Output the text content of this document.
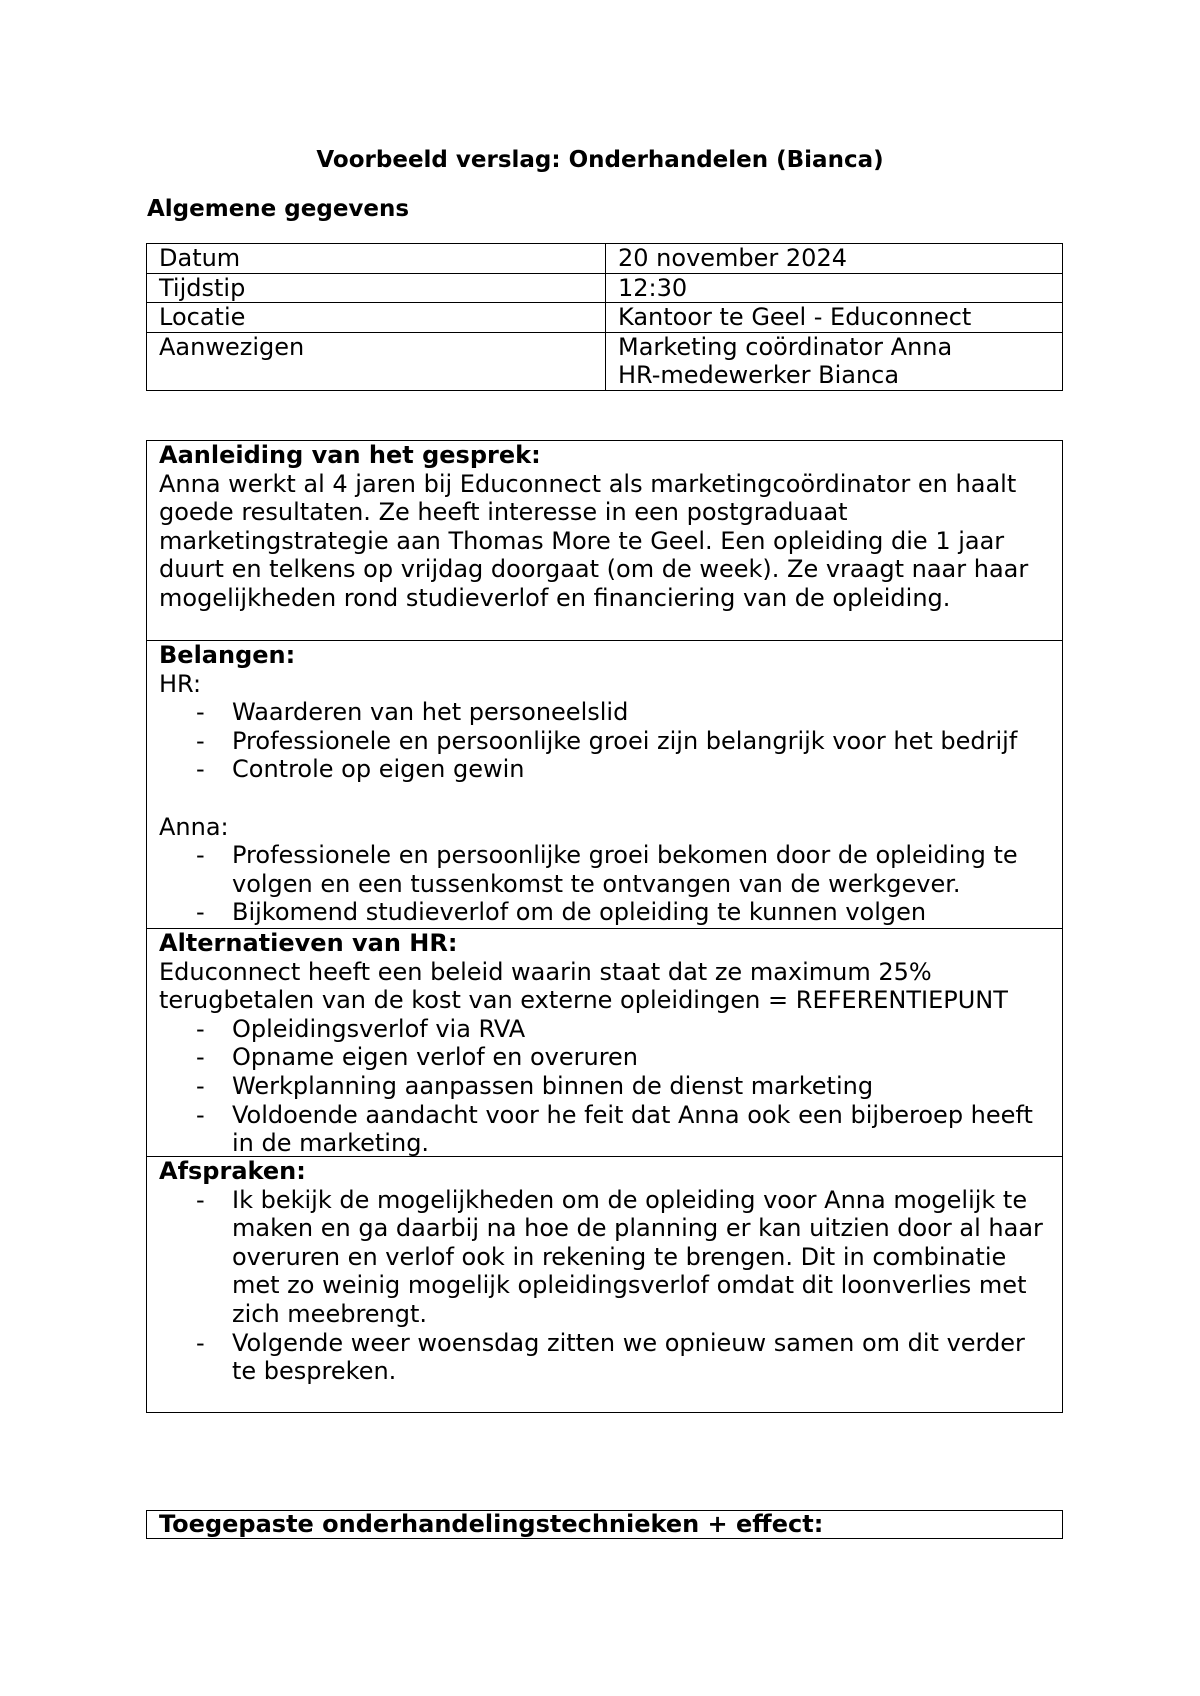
Voorbeeld verslag: Onderhandelen (Bianca)
Algemene gegevens
Datum	20 november 2024

Tijdstip	12:30

Locatie	Kantoor te Geel - Educonnect

Aanwezigen	Marketing coördinator Anna
HR-medewerker Bianca
Aanleiding van het gesprek:
Anna werkt al 4 jaren bij Educonnect als marketingcoördinator en haalt goede resultaten. Ze heeft interesse in een postgraduaat marketingstrategie aan Thomas More te Geel. Een opleiding die 1 jaar duurt en telkens op vrijdag doorgaat (om de week). Ze vraagt naar haar mogelijkheden rond studieverlof en financiering van de opleiding.
Belangen:
HR:
- Waarderen van het personeelslid
- Professionele en persoonlijke groei zijn belangrijk voor het bedrijf
- Controle op eigen gewin
Anna:
- Professionele en persoonlijke groei bekomen door de opleiding te volgen en een tussenkomst te ontvangen van de werkgever.
- Bijkomend studieverlof om de opleiding te kunnen volgen
Alternatieven van HR:
Educonnect heeft een beleid waarin staat dat ze maximum 25% terugbetalen van de kost van externe opleidingen = REFERENTIEPUNT
- Opleidingsverlof via RVA
- Opname eigen verlof en overuren
- Werkplanning aanpassen binnen de dienst marketing
- Voldoende aandacht voor he feit dat Anna ook een bijberoep heeft in de marketing.
Afspraken:
- Ik bekijk de mogelijkheden om de opleiding voor Anna mogelijk te maken en ga daarbij na hoe de planning er kan uitzien door al haar overuren en verlof ook in rekening te brengen. Dit in combinatie met zo weinig mogelijk opleidingsverlof omdat dit loonverlies met zich meebrengt.
- Volgende weer woensdag zitten we opnieuw samen om dit verder te bespreken.
Toegepaste onderhandelingstechnieken + effect:
